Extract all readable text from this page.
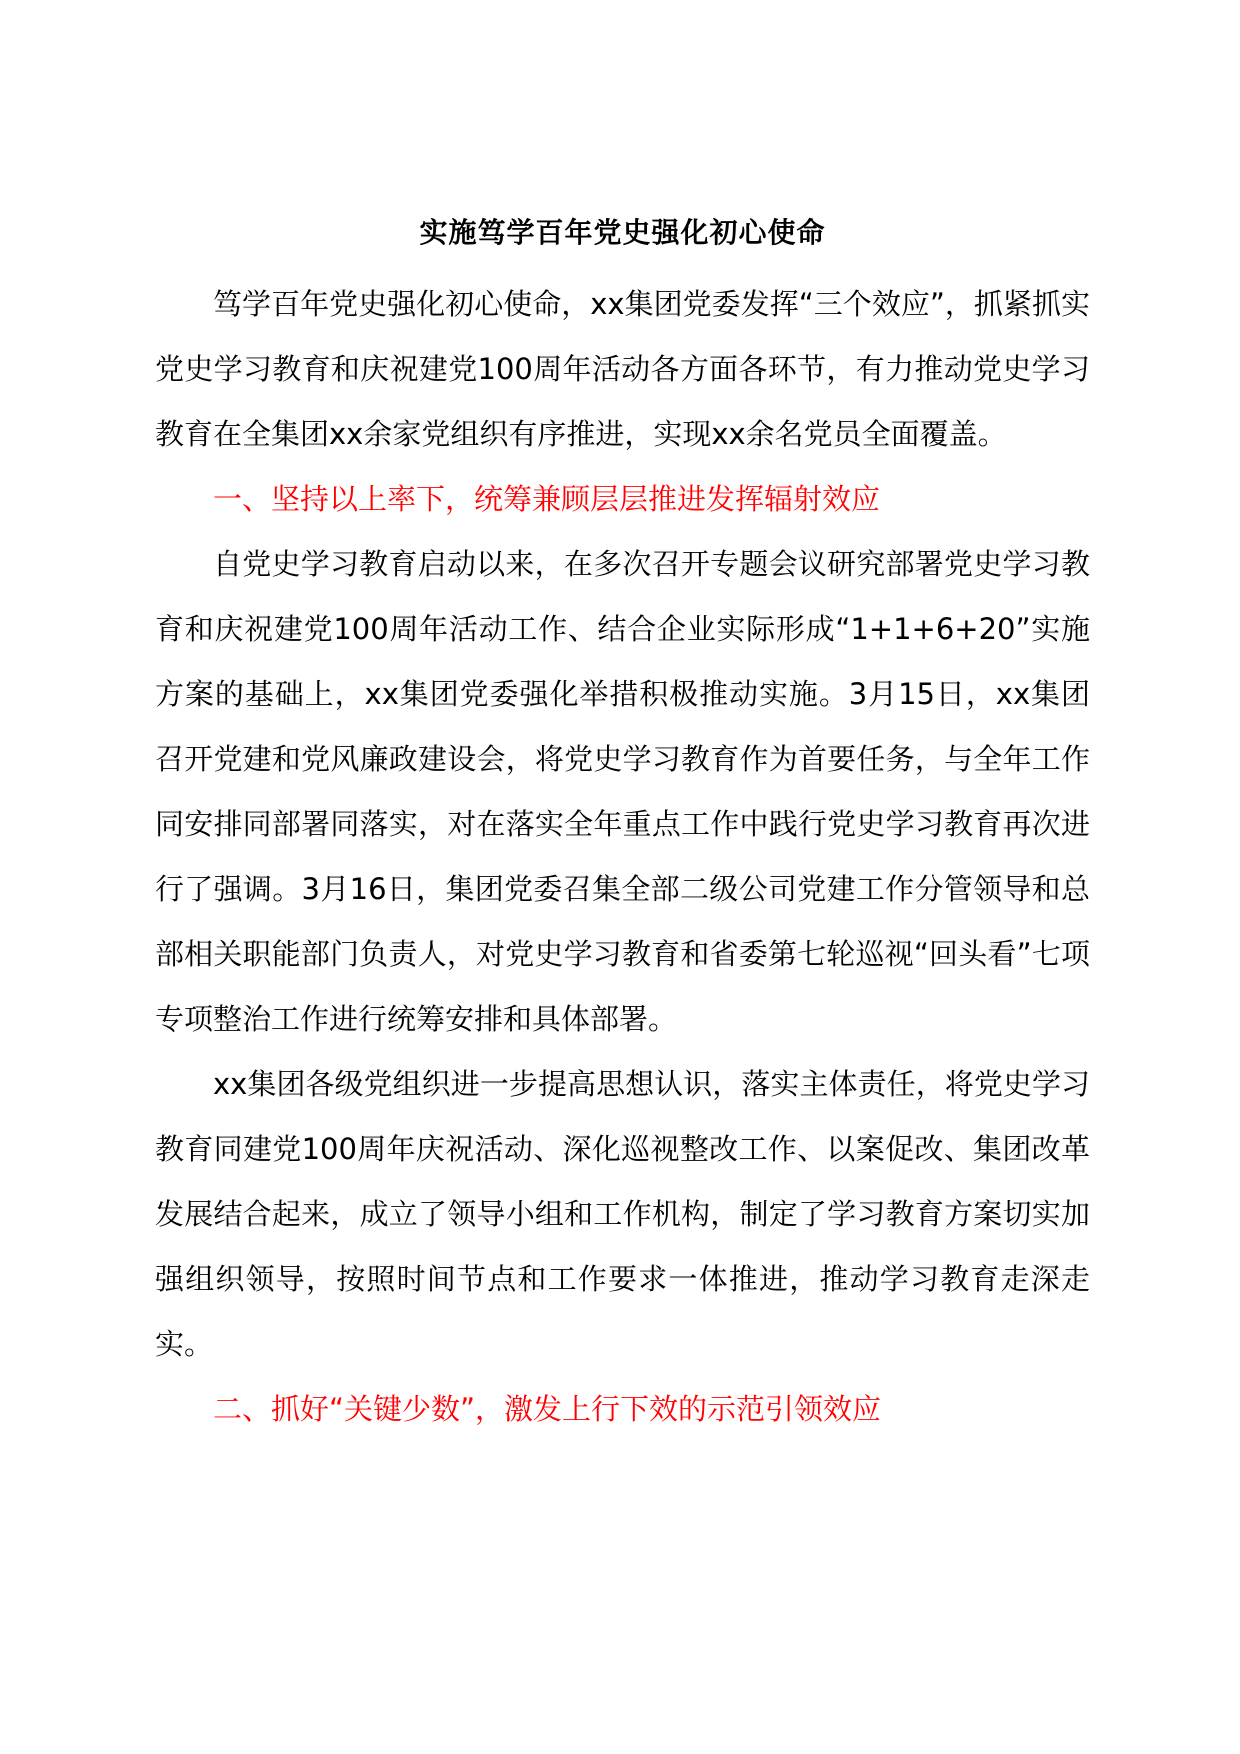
实施笃学百年党史强化初心使命

笃学百年党史强化初心使命，xx集团党委发挥“三个效应”，抓紧抓实党史学习教育和庆祝建党100周年活动各方面各环节，有力推动党史学习教育在全集团xx余家党组织有序推进，实现xx余名党员全面覆盖。

一、坚持以上率下，统筹兼顾层层推进发挥辐射效应

自党史学习教育启动以来，在多次召开专题会议研究部署党史学习教育和庆祝建党100周年活动工作、结合企业实际形成“1+1+6+20”实施方案的基础上，xx集团党委强化举措积极推动实施。3月15日，xx集团召开党建和党风廉政建设会，将党史学习教育作为首要任务，与全年工作同安排同部署同落实，对在落实全年重点工作中践行党史学习教育再次进行了强调。3月16日，集团党委召集全部二级公司党建工作分管领导和总部相关职能部门负责人，对党史学习教育和省委第七轮巡视“回头看”七项专项整治工作进行统筹安排和具体部署。

xx集团各级党组织进一步提高思想认识，落实主体责任，将党史学习教育同建党100周年庆祝活动、深化巡视整改工作、以案促改、集团改革发展结合起来，成立了领导小组和工作机构，制定了学习教育方案切实加强组织领导，按照时间节点和工作要求一体推进，推动学习教育走深走实。

二、抓好“关键少数”，激发上行下效的示范引领效应
